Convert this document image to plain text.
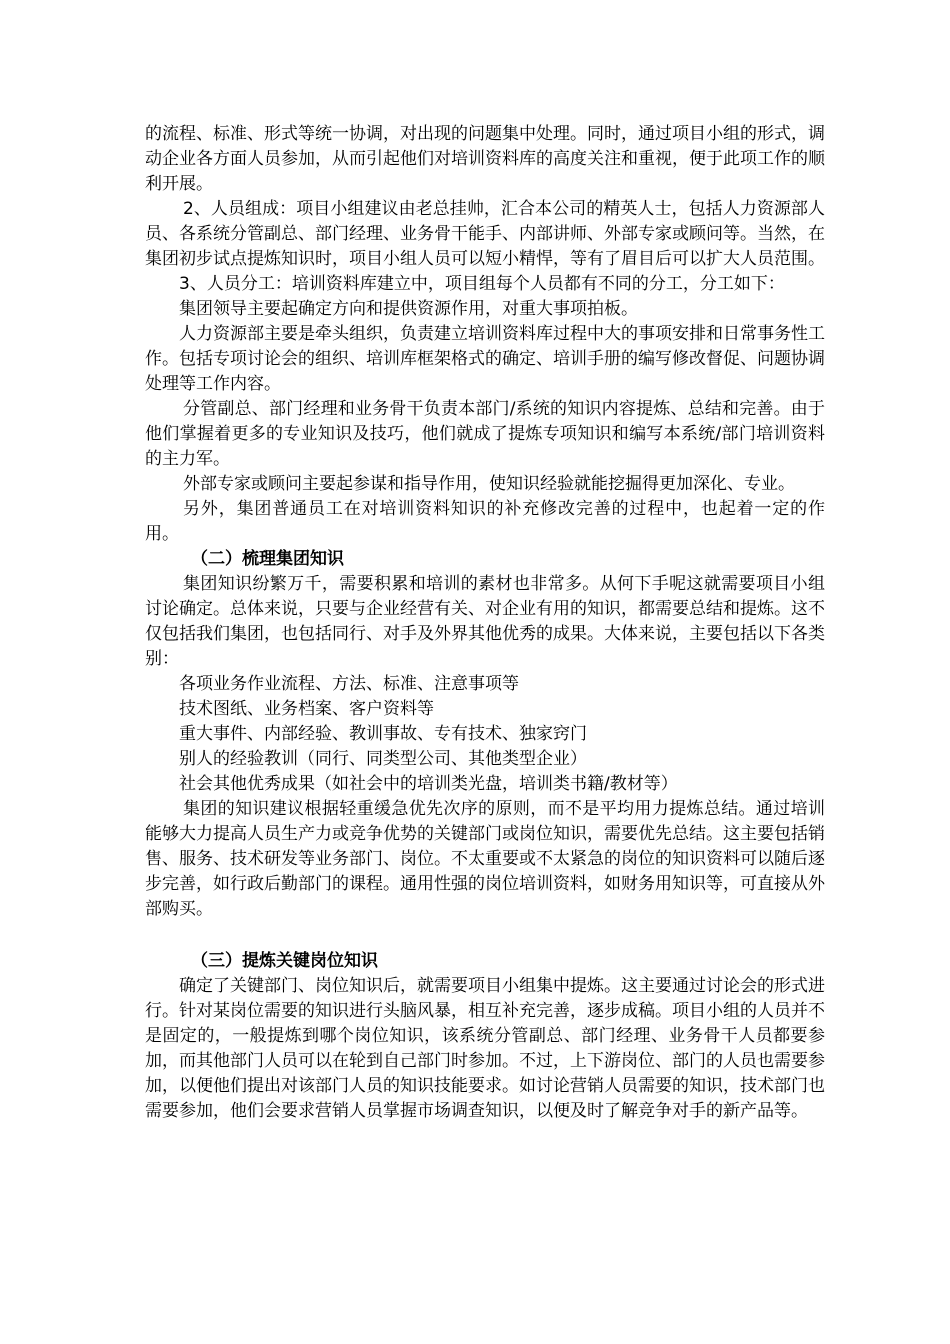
的流程、标准、形式等统一协调，对出现的问题集中处理。同时，通过项目小组的形式，调动企业各方面人员参加，从而引起他们对培训资料库的高度关注和重视，便于此项工作的顺利开展。

2、人员组成：项目小组建议由老总挂帅，汇合本公司的精英人士，包括人力资源部人员、各系统分管副总、部门经理、业务骨干能手、内部讲师、外部专家或顾问等。当然，在集团初步试点提炼知识时，项目小组人员可以短小精悍，等有了眉目后可以扩大人员范围。

3、人员分工：培训资料库建立中，项目组每个人员都有不同的分工，分工如下：

集团领导主要起确定方向和提供资源作用，对重大事项拍板。

人力资源部主要是牵头组织，负责建立培训资料库过程中大的事项安排和日常事务性工作。包括专项讨论会的组织、培训库框架格式的确定、培训手册的编写修改督促、问题协调处理等工作内容。

分管副总、部门经理和业务骨干负责本部门/系统的知识内容提炼、总结和完善。由于他们掌握着更多的专业知识及技巧，他们就成了提炼专项知识和编写本系统/部门培训资料的主力军。

外部专家或顾问主要起参谋和指导作用，使知识经验就能挖掘得更加深化、专业。

另外，集团普通员工在对培训资料知识的补充修改完善的过程中，也起着一定的作用。

（二）梳理集团知识

集团知识纷繁万千，需要积累和培训的素材也非常多。从何下手呢这就需要项目小组讨论确定。总体来说，只要与企业经营有关、对企业有用的知识，都需要总结和提炼。这不仅包括我们集团，也包括同行、对手及外界其他优秀的成果。大体来说，主要包括以下各类别：

各项业务作业流程、方法、标准、注意事项等

技术图纸、业务档案、客户资料等

重大事件、内部经验、教训事故、专有技术、独家窍门

别人的经验教训（同行、同类型公司、其他类型企业）

社会其他优秀成果（如社会中的培训类光盘，培训类书籍/教材等）

集团的知识建议根据轻重缓急优先次序的原则，而不是平均用力提炼总结。通过培训能够大力提高人员生产力或竞争优势的关键部门或岗位知识，需要优先总结。这主要包括销售、服务、技术研发等业务部门、岗位。不太重要或不太紧急的岗位的知识资料可以随后逐步完善，如行政后勤部门的课程。通用性强的岗位培训资料，如财务用知识等，可直接从外部购买。

（三）提炼关键岗位知识

确定了关键部门、岗位知识后，就需要项目小组集中提炼。这主要通过讨论会的形式进行。针对某岗位需要的知识进行头脑风暴，相互补充完善，逐步成稿。项目小组的人员并不是固定的，一般提炼到哪个岗位知识，该系统分管副总、部门经理、业务骨干人员都要参加，而其他部门人员可以在轮到自己部门时参加。不过，上下游岗位、部门的人员也需要参加，以便他们提出对该部门人员的知识技能要求。如讨论营销人员需要的知识，技术部门也需要参加，他们会要求营销人员掌握市场调查知识，以便及时了解竞争对手的新产品等。
